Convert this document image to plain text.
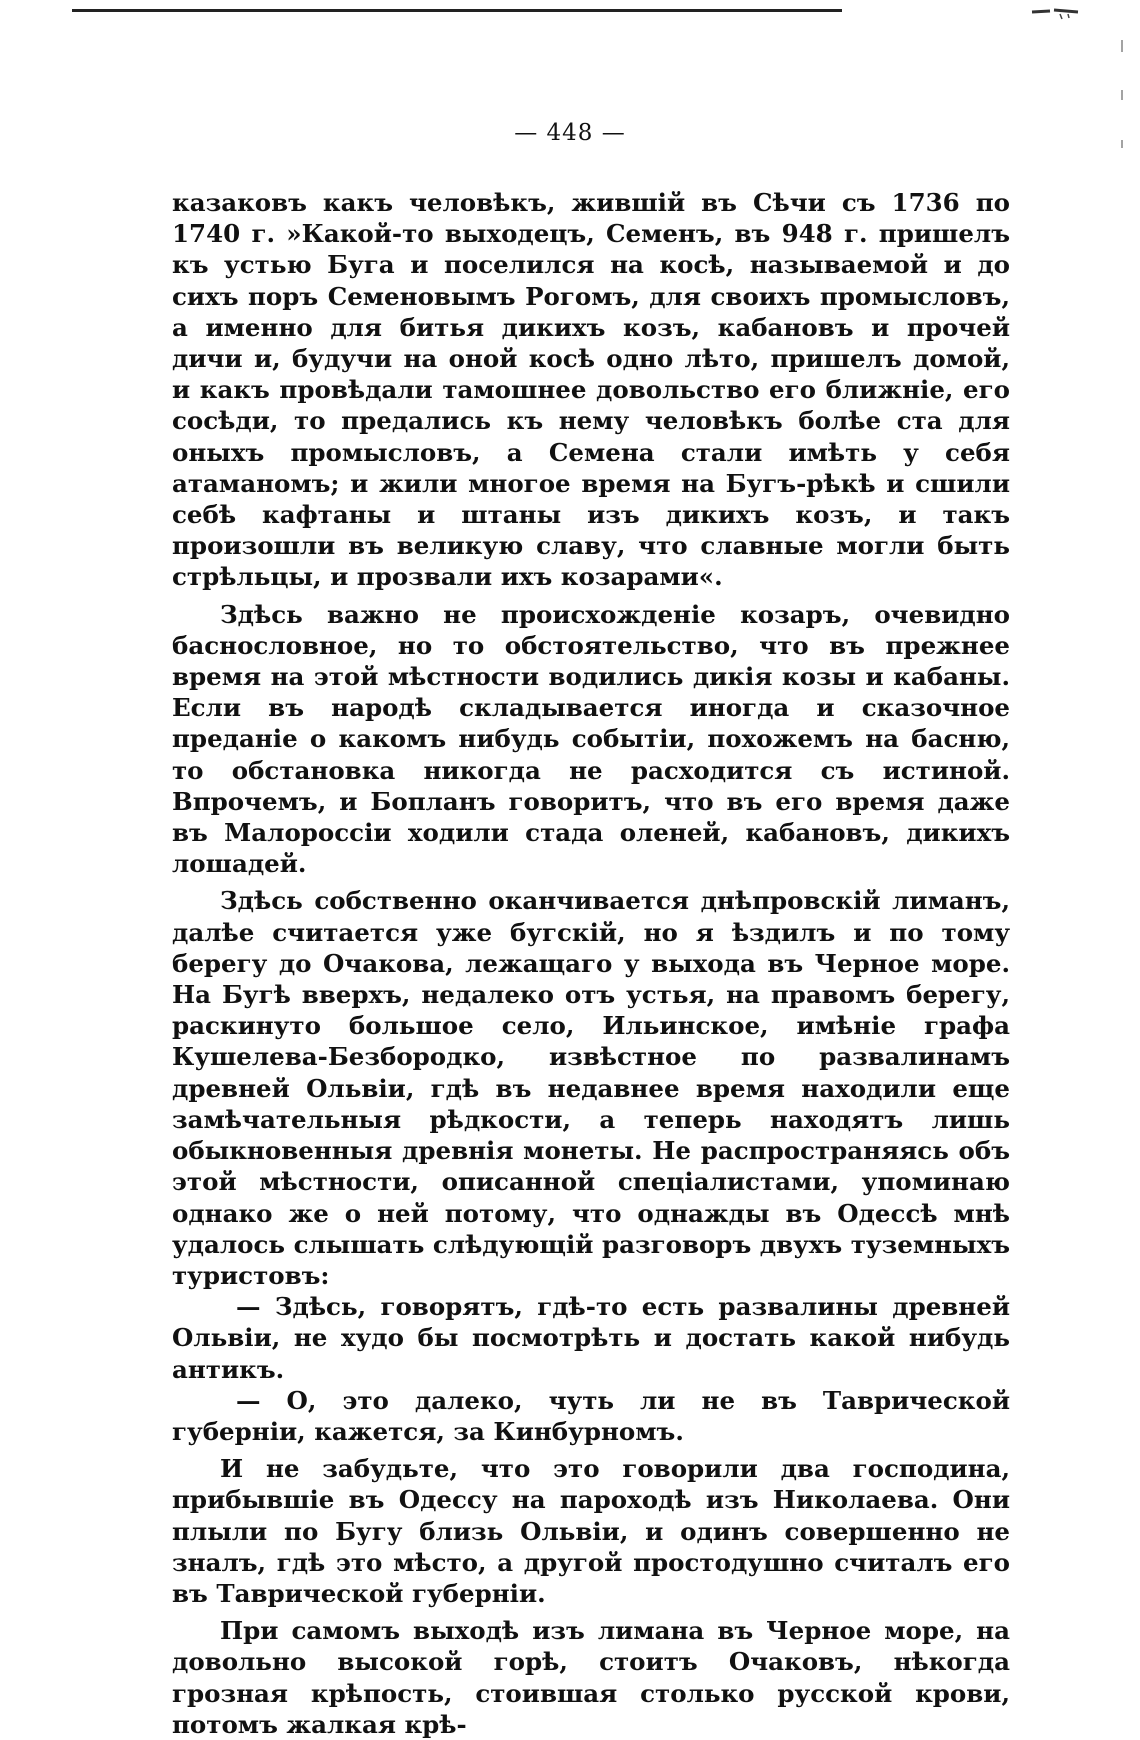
— 448 —

казаковъ какъ человѣкъ, жившій въ Сѣчи съ 1736 по 1740 г. »Какой-то выходецъ, Семенъ, въ 948 г. пришелъ къ устью Буга и поселился на косѣ, называемой и до сихъ поръ Семеновымъ Рогомъ, для своихъ промысловъ, а именно для битья дикихъ козъ, кабановъ и прочей дичи и, будучи на оной косѣ одно лѣто, пришелъ домой, и какъ провѣдали тамошнее довольство его ближніе, его сосѣди, то предались къ нему человѣкъ болѣе ста для оныхъ промысловъ, а Семена стали имѣть у себя атаманомъ; и жили многое время на Бугъ-рѣкѣ и сшили себѣ кафтаны и штаны изъ дикихъ козъ, и такъ произошли въ великую славу, что славные могли быть стрѣльцы, и прозвали ихъ козарами«.

Здѣсь важно не происхожденіе козаръ, очевидно баснословное, но то обстоятельство, что въ прежнее время на этой мѣстности водились дикія козы и кабаны. Если въ народѣ складывается иногда и сказочное преданіе о какомъ нибудь событіи, похожемъ на басню, то обстановка никогда не расходится съ истиной. Впрочемъ, и Бопланъ говоритъ, что въ его время даже въ Малороссіи ходили стада оленей, кабановъ, дикихъ лошадей.

Здѣсь собственно оканчивается днѣпровскій лиманъ, далѣе считается уже бугскій, но я ѣздилъ и по тому берегу до Очакова, лежащаго у выхода въ Черное море. На Бугѣ вверхъ, недалеко отъ устья, на правомъ берегу, раскинуто большое село, Ильинское, имѣніе графа Кушелева-Безбородко, извѣстное по развалинамъ древней Ольвіи, гдѣ въ недавнее время находили еще замѣчательныя рѣдкости, а теперь находятъ лишь обыкновенныя древнія монеты. Не распространяясь объ этой мѣстности, описанной спеціалистами, упоминаю однако же о ней потому, что однажды въ Одессѣ мнѣ удалось слышать слѣдующій разговоръ двухъ туземныхъ туристовъ:

— Здѣсь, говорятъ, гдѣ-то есть развалины древней Ольвіи, не худо бы посмотрѣть и достать какой нибудь антикъ.

— О, это далеко, чуть ли не въ Таврической губерніи, кажется, за Кинбурномъ.

И не забудьте, что это говорили два господина, прибывшіе въ Одессу на пароходѣ изъ Николаева. Они плыли по Бугу близь Ольвіи, и одинъ совершенно не зналъ, гдѣ это мѣсто, а другой простодушно считалъ его въ Таврической губерніи.

При самомъ выходѣ изъ лимана въ Черное море, на довольно высокой горѣ, стоитъ Очаковъ, нѣкогда грозная крѣпость, стоившая столько русской крови, потомъ жалкая крѣ-
